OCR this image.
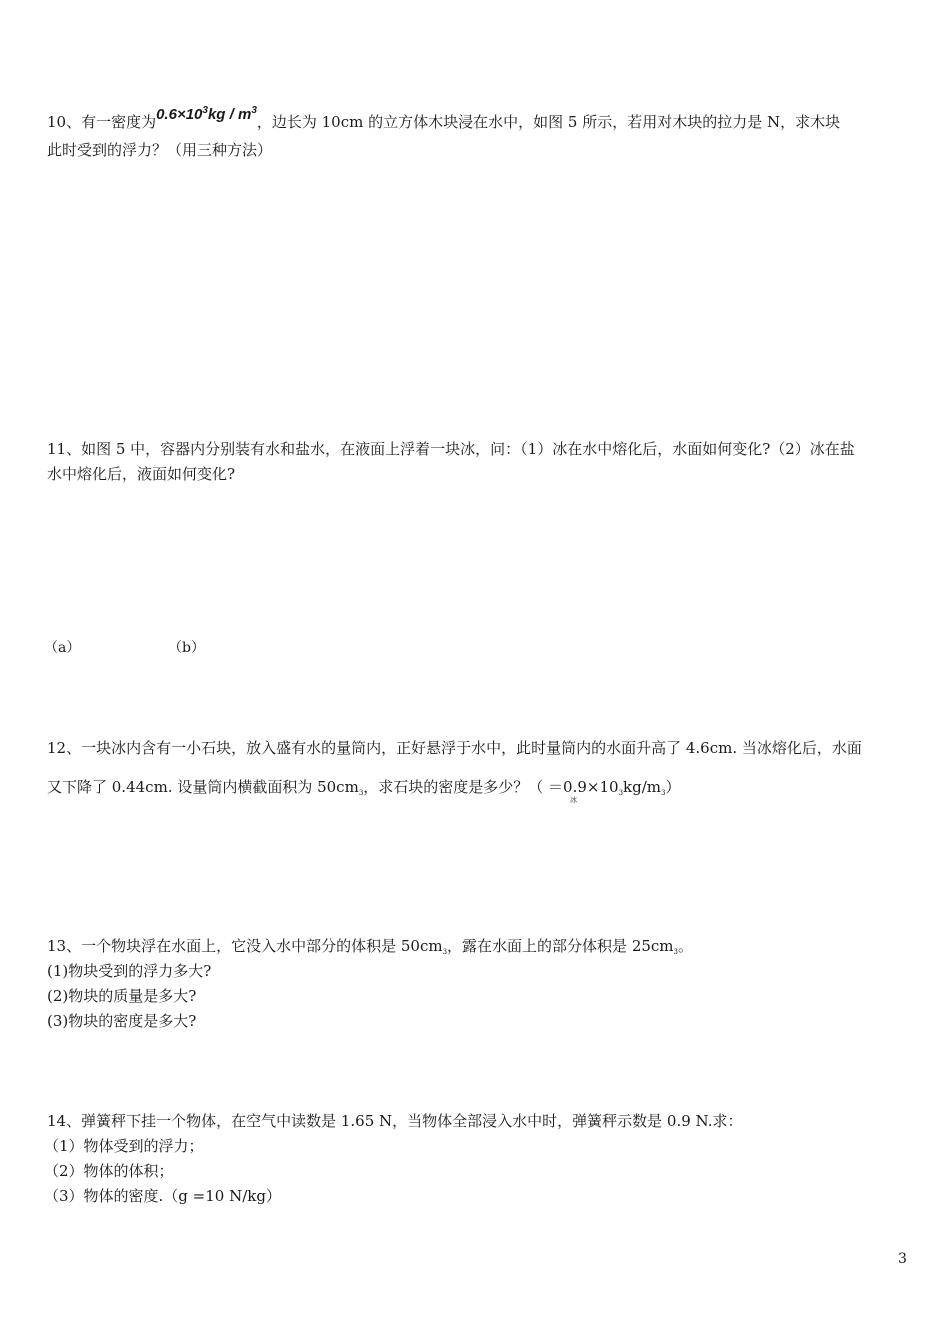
10、有一密度为$0.6\times 10^3kg / m^3$，边长为 10cm 的立方体木块浸在水中，如图 5 所示，若用对木块的拉力是 N，求木块
此时受到的浮力？（用三种方法）
11、如图 5 中，容器内分别装有水和盐水，在液面上浮着一块冰，问：（1）冰在水中熔化后，水面如何变化?（2）冰在盐
水中熔化后，液面如何变化?
（a）	（b）
12、一块冰内含有一小石块，放入盛有水的量筒内，正好悬浮于水中，此时量筒内的水面升高了 4.6cm. 当冰熔化后，水面
又下降了 0.44cm. 设量筒内横截面积为 $50cm_3$，求石块的密度是多少？（ $=0.9\times 10_3kg/m_3$）
冰
13、一个物块浮在水面上，它没入水中部分的体积是 $50cm_3$，露在水面上的部分体积是 $25cm_3$。
(1)物块受到的浮力多大?
(2)物块的质量是多大?
(3)物块的密度是多大?
14、弹簧秤下挂一个物体，在空气中读数是 1.65 N，当物体全部浸入水中时，弹簧秤示数是 0.9 N.求：
（1）物体受到的浮力；
（2）物体的体积；
（3）物体的密度.（g =10 N/kg）
3
